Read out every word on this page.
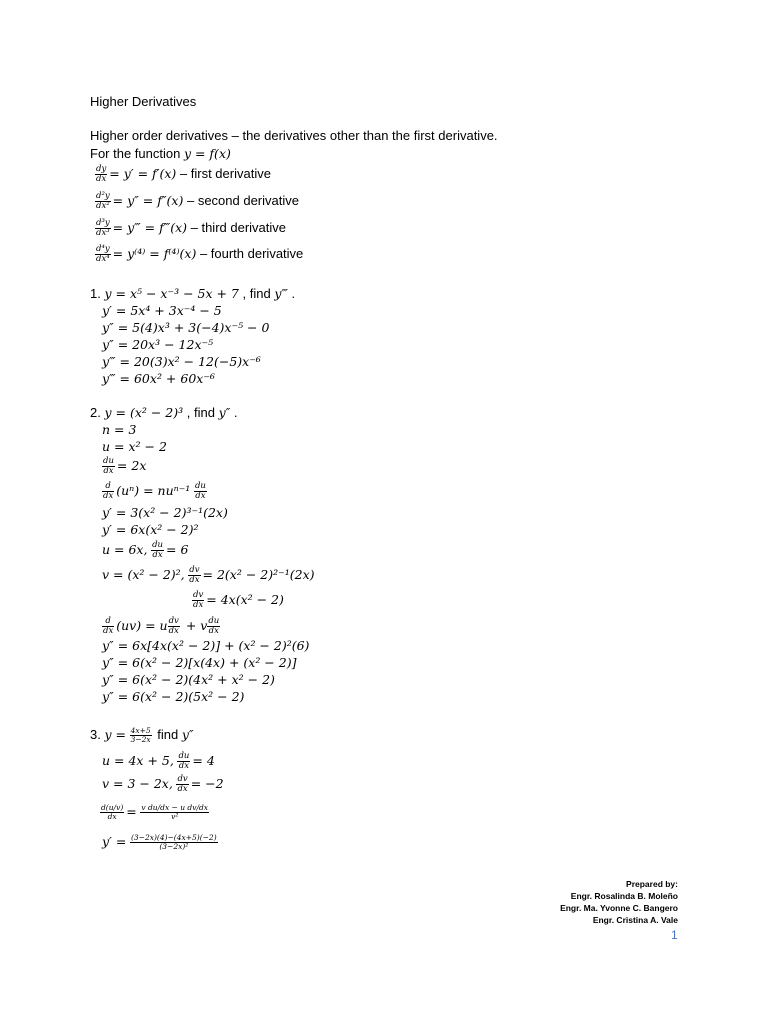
Higher Derivatives
Higher order derivatives – the derivatives other than the first derivative.
For the function y = f(x)
$\frac{dy}{dx} = y' = f'(x)$ – first derivative
$\frac{\text{d²y}}{\text{dx²}} = y'' = f''(x)$ – second derivative
$\frac{\text{d³y}}{\text{dx³}}$ = y‴ = f‴(x) – third derivative
$\frac{\text{d⁴y}}{\text{dx⁴}} = y^{(4)} = f^{(4)}(x)$ – fourth derivative
1. y = x⁵ − x⁻³ − 5x + 7 , find y‴ .
y′ = 5x⁴ + 3x⁻⁴ − 5
y″ = 5(4)x³ + 3(−4)x⁻⁵ − 0
y″ = 20x³ − 12x⁻⁵
y‴ = 20(3)x² − 12(−5)x⁻⁶
y‴ = 60x² + 60x⁻⁶
2. y = (x² − 2)³ , find y″ .
n = 3
u = x² − 2
$\frac{du}{dx} = 2x$
$\frac{d}{dx} (u^n) = nu^{n-1} \frac{du}{dx}$
y′ = 3(x² − 2)³⁻¹(2x)
y′ = 6x(x² − 2)²
u = 6x, $\frac{du}{dx} = 6$
v = (x² − 2)², $\frac{dv}{dx} = 2(x^2 - 2)^{2-1}(2x)$
$\frac{dv}{dx} = 4x(x^2 - 2)$
$\frac{d}{dx} (uv) = u \frac{dv}{dx} + v \frac{du}{dx}$
y″ = 6x[4x(x² − 2)] + (x² − 2)²(6)
y″ = 6(x² − 2)[x(4x) + (x² − 2)]
y″ = 6(x² − 2)(4x² + x² − 2)
y″ = 6(x² − 2)(5x² − 2)
3. $y = \frac{4x+5}{3-2x}$ find y″
u = 4x + 5, $\frac{du}{dx} = 4$
v = 3 − 2x, $\frac{dv}{dx} = -2$
$\frac{d(u/v)}{dx} = \frac{\text{v du/dx − u dv/dx}}{\text{v²}}$
$y' = \frac{(3-2x)(4)-(4x+5)(-2)}{\text{(3−2x)²}}$
Prepared by:
Engr. Rosalinda B. Moleño
Engr. Ma. Yvonne C. Bangero
Engr. Cristina A. Vale
1
